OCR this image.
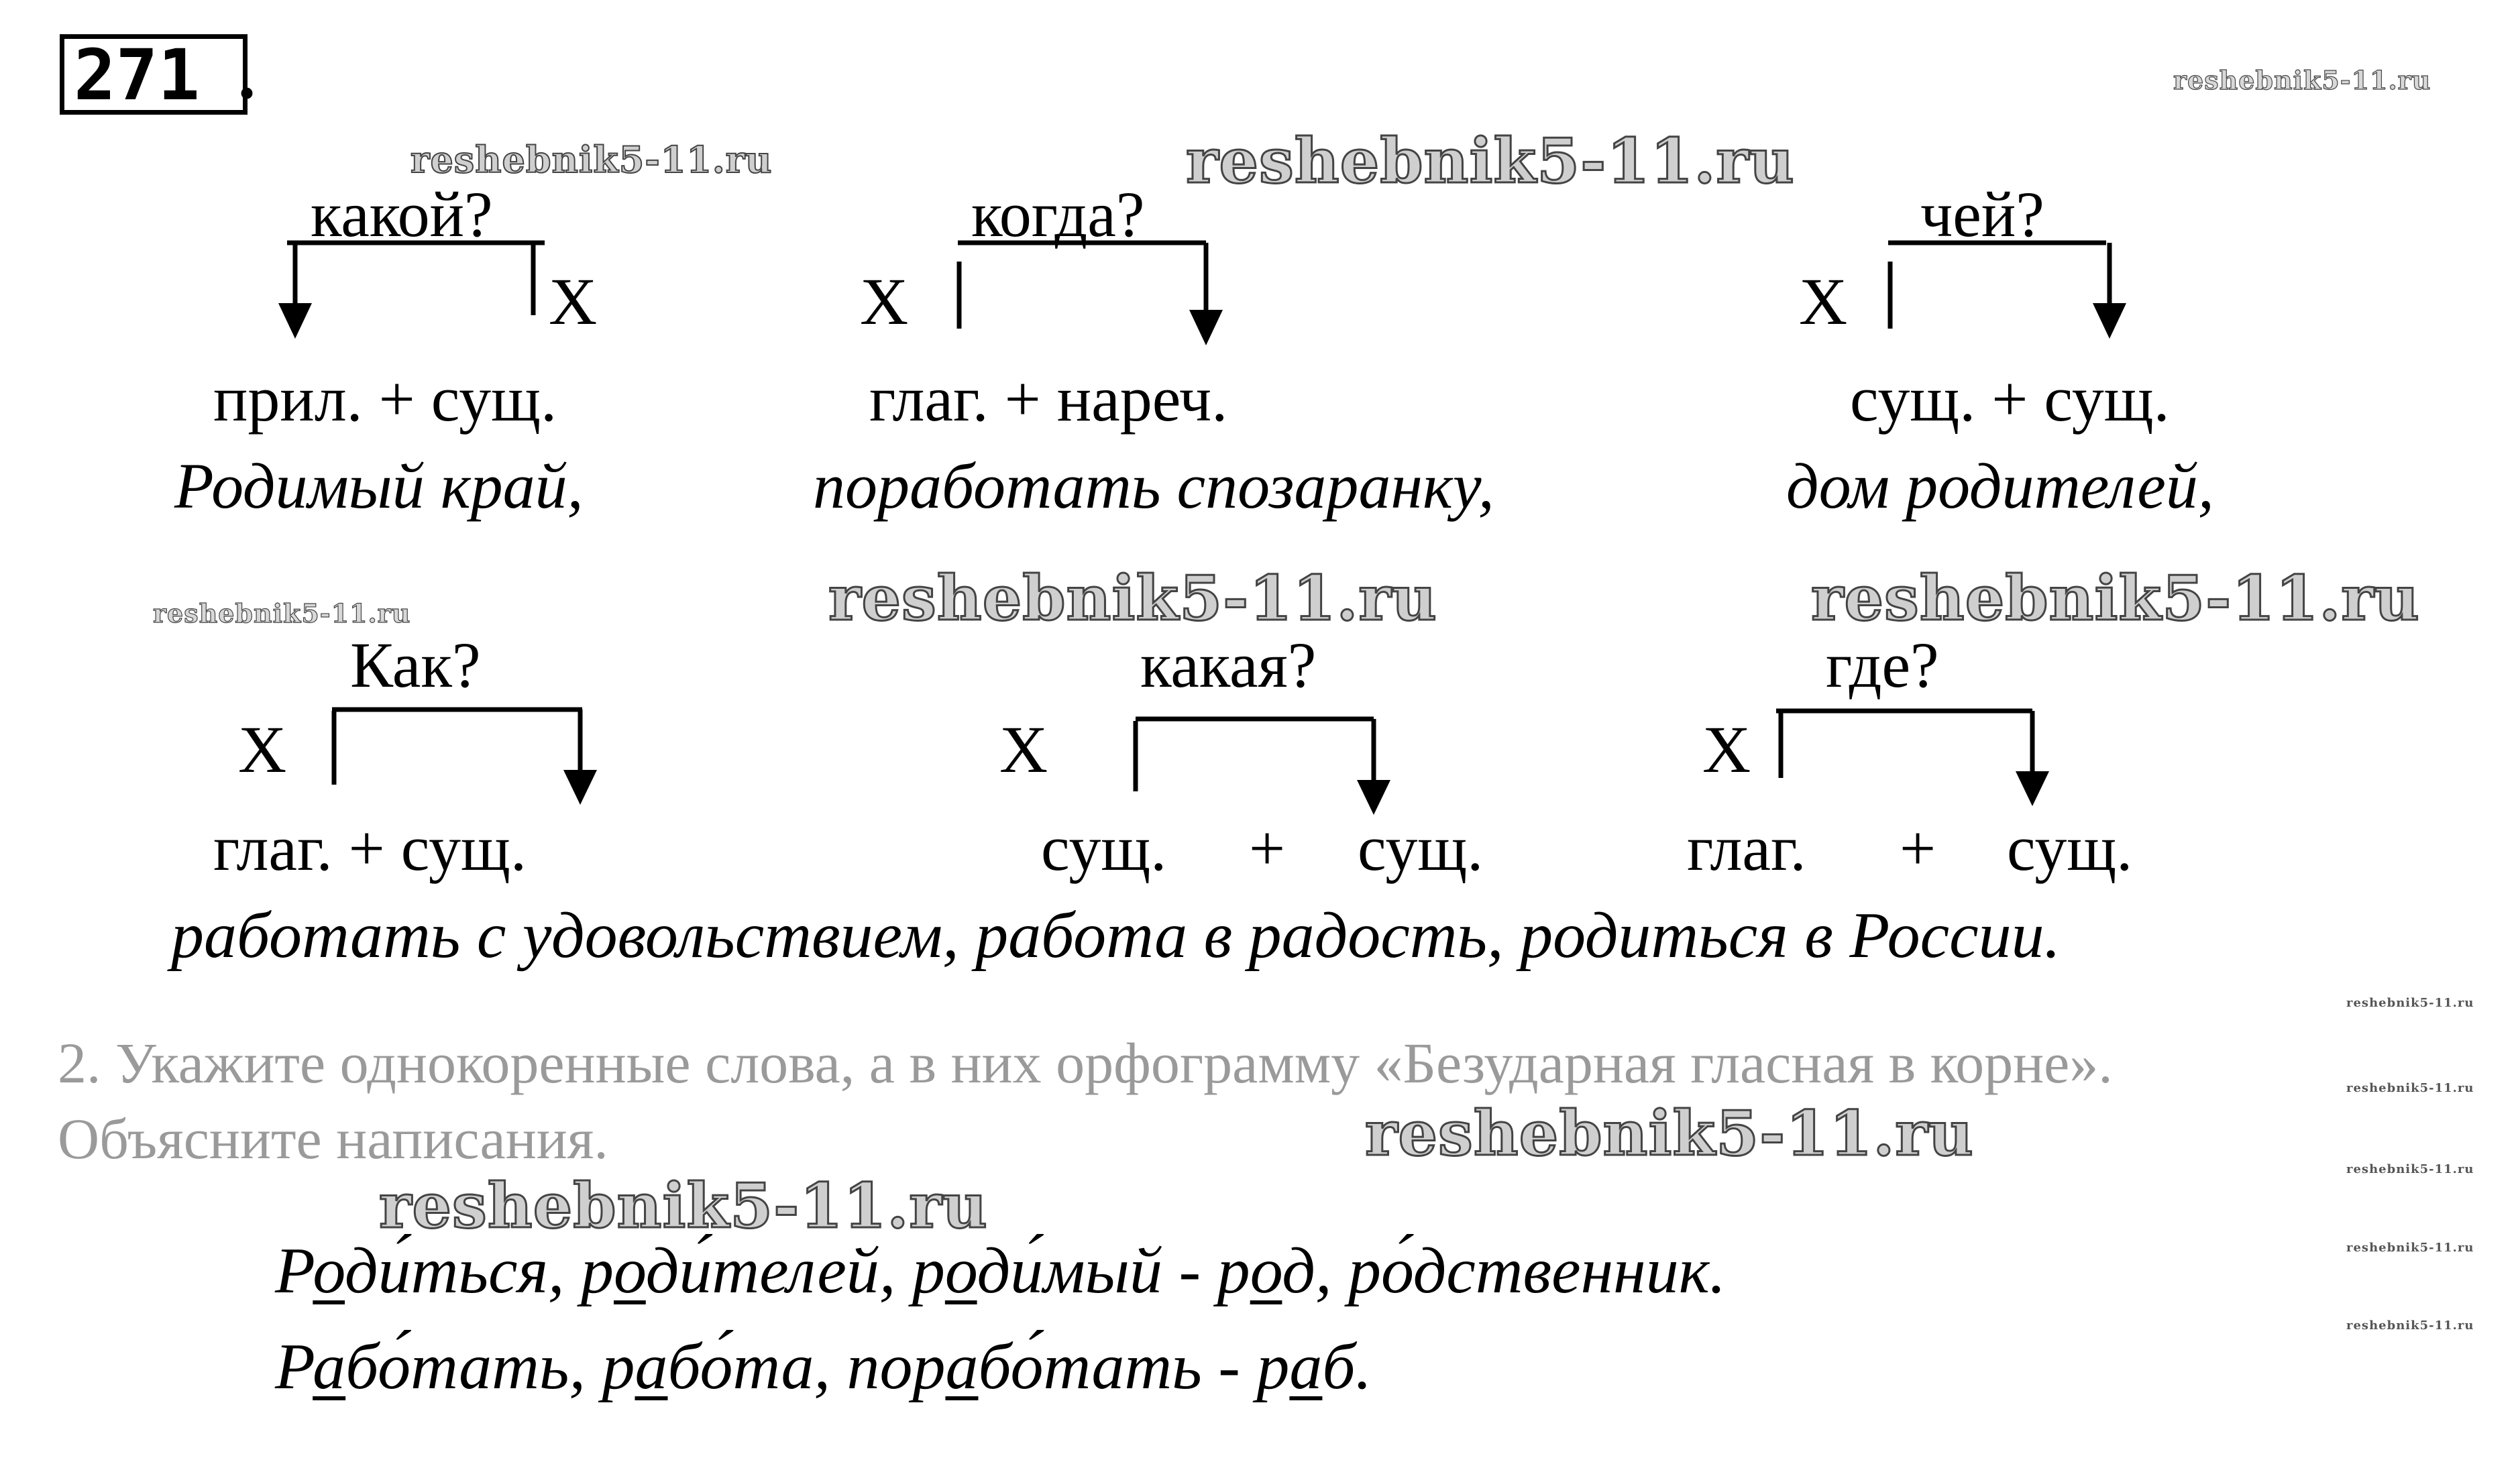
271 .
какой?
Х
прил. + сущ.
Родимый край,
когда?
Х
глаг. + нареч.
поработать спозаранку,
чей?
Х
сущ. + сущ.
дом родителей,
Как?
Х
глаг. + сущ.
какая?
Х
сущ. + сущ.
где?
Х
глаг. + сущ.
работать с удовольствием, работа в радость, родиться в России.
2. Укажите однокоренные слова, а в них орфограмму «Безударная гласная в корне».
Объясните написания.
Роди́ться, роди́телей, роди́мый - род, ро́дственник.
Рабо́тать, рабо́та, порабо́тать - раб.
reshebnik5-11.ru
reshebnik5-11.ru	reshebnik5-11.ru
reshebnik5-11.ru	reshebnik5-11.ru	reshebnik5-11.ru
reshebnik5-11.ru
reshebnik5-11.ru
reshebnik5-11.ru
reshebnik5-11.ru
reshebnik5-11.ru
reshebnik5-11.ru
reshebnik5-11.ru
